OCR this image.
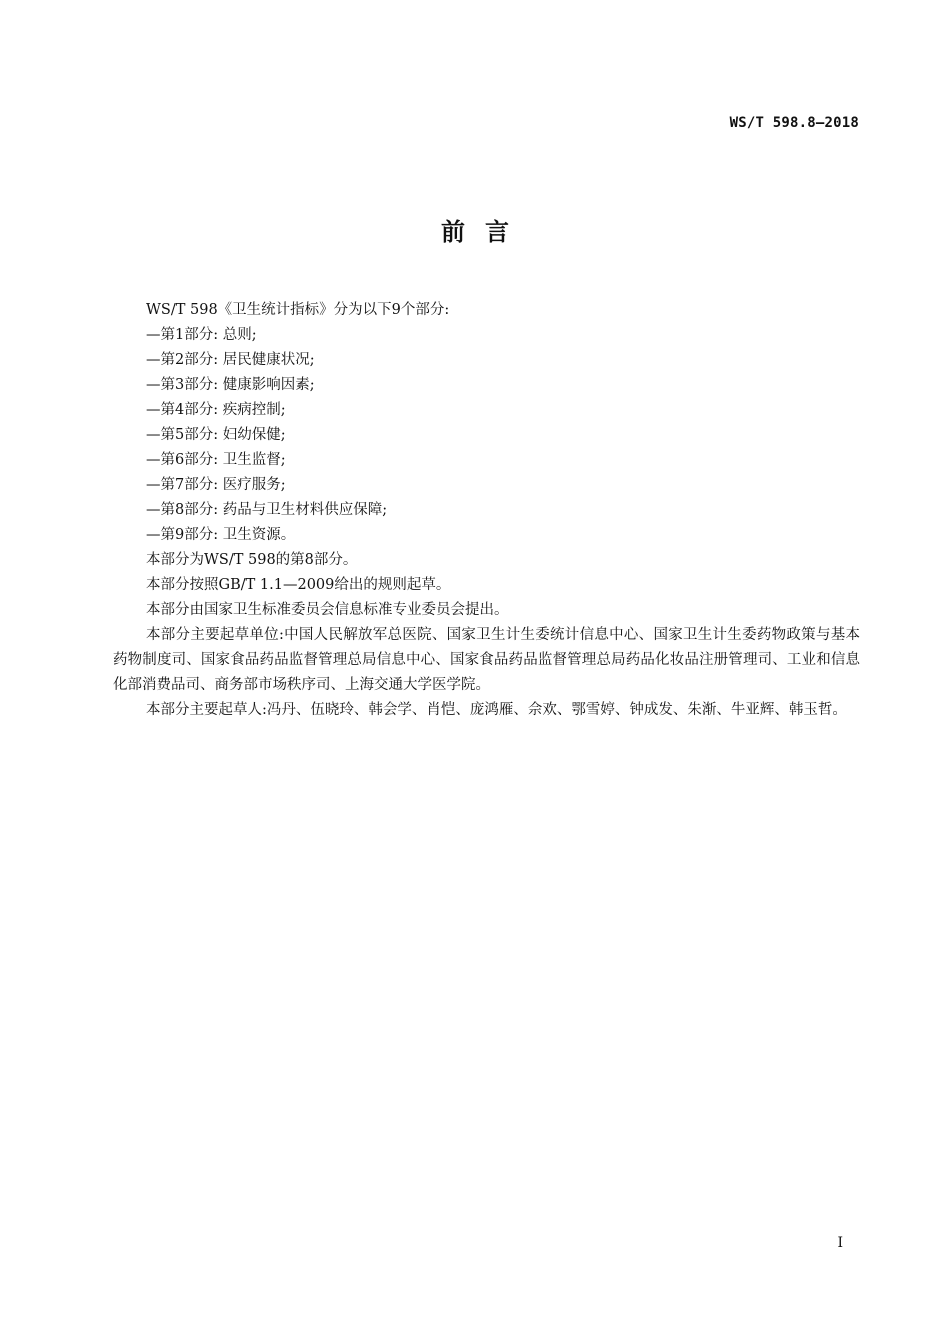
WS/T 598.8—2018
前言

WS/T 598《卫生统计指标》分为以下9个部分:

—第1部分: 总则;

—第2部分: 居民健康状况;

—第3部分: 健康影响因素;

—第4部分: 疾病控制;

—第5部分: 妇幼保健;

—第6部分: 卫生监督;

—第7部分: 医疗服务;

—第8部分: 药品与卫生材料供应保障;

—第9部分: 卫生资源。

本部分为WS/T 598的第8部分。

本部分按照GB/T 1.1—2009给出的规则起草。

本部分由国家卫生标准委员会信息标准专业委员会提出。

本部分主要起草单位:中国人民解放军总医院、国家卫生计生委统计信息中心、国家卫生计生委药物政策与基本药物制度司、国家食品药品监督管理总局信息中心、国家食品药品监督管理总局药品化妆品注册管理司、工业和信息化部消费品司、商务部市场秩序司、上海交通大学医学院。

本部分主要起草人:冯丹、伍晓玲、韩会学、肖恺、庞鸿雁、佘欢、鄂雪婷、钟成发、朱渐、牛亚辉、韩玉哲。

I
